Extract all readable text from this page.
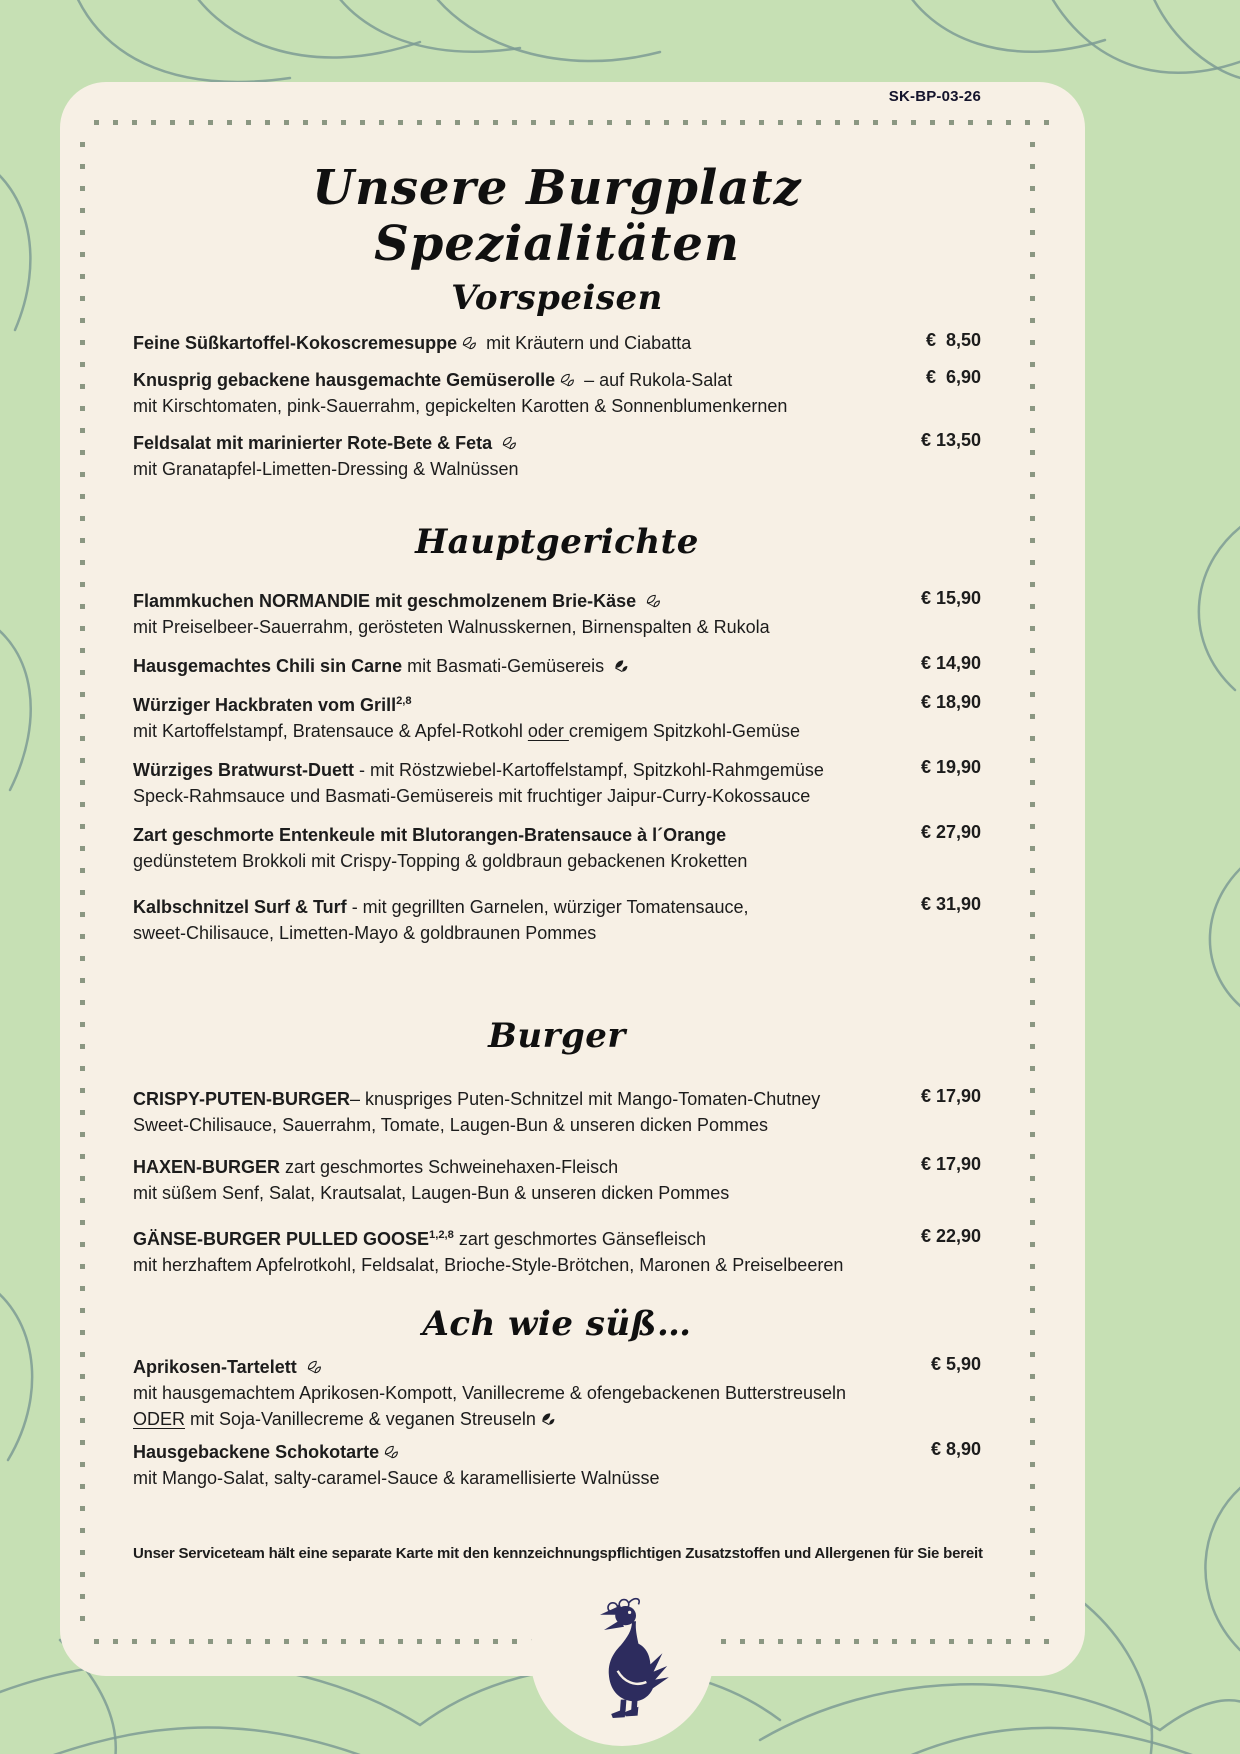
SK-BP-03-26
Unsere Burgplatz Spezialitäten
Vorspeisen
Feine Süßkartoffel-Kokoscremesuppe mit Kräutern und Ciabatta	€  8,50
Knusprig gebackene hausgemachte Gemüserolle – auf Rukola-Salat
mit Kirschtomaten, pink-Sauerrahm, gepickelten Karotten & Sonnenblumenkernen
€  6,90
Feldsalat mit marinierter Rote-Bete & Feta
mit Granatapfel-Limetten-Dressing & Walnüssen
€ 13,50
Hauptgerichte
Flammkuchen NORMANDIE mit geschmolzenem Brie-Käse
mit Preiselbeer-Sauerrahm, gerösteten Walnusskernen, Birnenspalten & Rukola
€ 15,90
Hausgemachtes Chili sin Carne mit Basmati-Gemüsereis	€ 14,90
Würziger Hackbraten vom Grill$^{2,8}$
mit Kartoffelstampf, Bratensauce & Apfel-Rotkohl oder cremigem Spitzkohl-Gemüse
€ 18,90
Würziges Bratwurst-Duett - mit Röstzwiebel-Kartoffelstampf, Spitzkohl-Rahmgemüse
Speck-Rahmsauce und Basmati-Gemüsereis mit fruchtiger Jaipur-Curry-Kokossauce
€ 19,90
Zart geschmorte Entenkeule mit Blutorangen-Bratensauce à l´Orange
gedünstetem Brokkoli mit Crispy-Topping & goldbraun gebackenen Kroketten
€ 27,90
Kalbschnitzel Surf & Turf - mit gegrillten Garnelen, würziger Tomatensauce,
sweet-Chilisauce, Limetten-Mayo & goldbraunen Pommes
€ 31,90
Burger
CRISPY-PUTEN-BURGER– knuspriges Puten-Schnitzel mit Mango-Tomaten-Chutney
Sweet-Chilisauce, Sauerrahm, Tomate, Laugen-Bun & unseren dicken Pommes
€ 17,90
HAXEN-BURGER zart geschmortes Schweinehaxen-Fleisch
mit süßem Senf, Salat, Krautsalat, Laugen-Bun & unseren dicken Pommes
€ 17,90
GÄNSE-BURGER PULLED GOOSE$^{1,2,8}$ zart geschmortes Gänsefleisch
mit herzhaftem Apfelrotkohl, Feldsalat, Brioche-Style-Brötchen, Maronen & Preiselbeeren
€ 22,90
Ach wie süß…
Aprikosen-Tartelett
mit hausgemachtem Aprikosen-Kompott, Vanillecreme & ofengebackenen Butterstreuseln
ODER mit Soja-Vanillecreme & veganen Streuseln
€ 5,90
Hausgebackene Schokotarte
mit Mango-Salat, salty-caramel-Sauce & karamellisierte Walnüsse
€ 8,90
Unser Serviceteam hält eine separate Karte mit den kennzeichnungspflichtigen Zusatzstoffen und Allergenen für Sie bereit
